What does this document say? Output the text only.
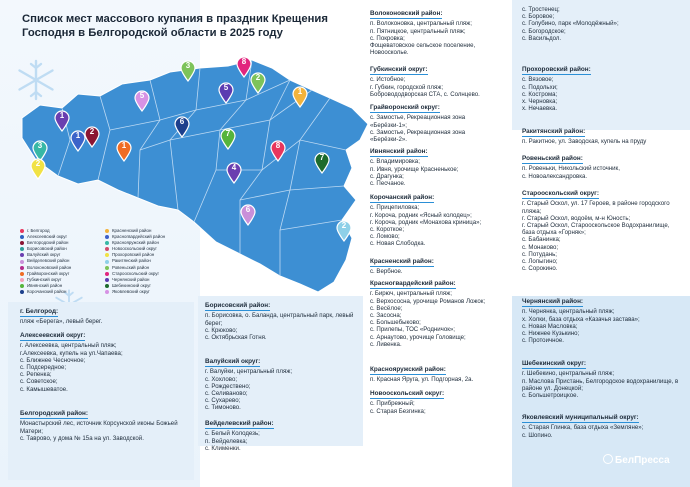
Список мест массового купания в праздник Крещения Господня в Белгородской области в 2025 году
2
1
3
2
1	2
1
5
3	8
5
6
1
7
8
4
7
6
2
г. Белгород	Красненский район
Алексеевский округ	Красногвардейский район
Белгородский район	Краснояружский район
Борисовский район	Новооскольский округ
Валуйский округ	Прохоровский район
Вейделевский район	Ракитянский район
Волоконовский район	Ровеньский район
Грайворонский округ	Старооскольский округ
Губкинский округ	Чернянский район
Ивнянский район	Шебекинский округ
Корочанский район	Яковлевский округ
г. Белгород:
пляж «Берега», левый берег.
Алексеевский округ:
г. Алексеевка, центральный пляж;
г.Алексеевка, купель на ул.Чапаева;
с. Ближнее Чесночное;
с. Подсередное;
с. Репенка;
с. Советское;
с. Камышеватое.
Белгородский район:
Монастырский лес, источник Корсунской иконы Божьей Матери;
с. Таврово, у дома № 15а на ул. Заводской.
Борисовский район:
п. Борисовка, о. Баланда, центральный парк, левый берег;
с. Крюково;
с. Октябрьская Готня.
Валуйский округ:
г. Валуйки, центральный пляж;
с. Хохлово;
с. Рождествено;
с. Селиваново;
с. Сухарево;
с. Тимоново.
Вейделевский район:
с. Белый Колодезь;
п. Вейделевка;
с. Клименки.
Волоконовский район:
п. Волоконовка, центральный пляж;
п. Пятницкое, центральный пляж;
с. Покровка;
Фощеватовское сельское поселение,
Новоосколье.
Губкинский округ:
с. Истобное;
г. Губкин, городской пляж;
Бобровододворская СТА, с. Солнцево.
Грайворонский округ:
с. Замостье, Рекреационная зона
«Берёзки-1»;
с. Замостье, Рекреационная зона
«Берёзки-2».
Ивнянский район:
с. Владимировка;
п. Ивня, урочище Красненькое;
с. Драгунка;
с. Песчаное.
Корочанский район:
с. Прицепиловка;
г. Короча, родник «Ясный колодец»;
г. Короча, родник «Монахова криница»;
с. Короткое;
с. Ломово;
с. Новая Слободка.
Красненский район:
с. Вербное.
Красногвардейский район:
г. Бирюч, центральный пляж;
с. Верхососна, урочище Романов Ложок;
с. Весёлое;
с. Засосна;
с. Большебыково;
с. Прилепы, ТОС «Родничок»;
с. Арнаутово, урочище Головище;
с. Ливенка.
Краснояружский район:
п. Красная Яруга, ул. Подгорная, 2а.
Новооскольский округ:
с. Прибрежный;
с. Старая Безгинка;
с. Тростенец;
с. Боровое;
с. Голубино, парк «Молодёжный»;
с. Богородское;
с. Васильдол.
Прохоровский район:
с. Вязовое;
с. Подольхи;
с. Кострома;
х. Черновка;
х. Нечаевка.
Ракитянский район:
п. Ракитное, ул. Заводская, купель на пруду
Ровеньский район:
п. Ровеньки, Никольский источник,
с. Новоалександровка.
Старооскольский округ:
г. Старый Оскол, ул. 17 Героев, в районе городского пляжа;
г. Старый Оскол, водоём, м-н Юность;
г. Старый Оскол, Старооскольское Водохранилище, база отдыха «Горняк»;
с. Бабанинка;
с. Монаково;
с. Потудань;
с. Лопыгино;
с. Сорокино.
Чернянский район:
п. Чернянка, центральный пляж;
х. Холки, база отдыха «Казачья застава»;
с. Новая Масловка;
с. Нижнее Кузькино;
с. Протоичное.
Шебекинский округ:
г. Шебекино, центральный пляж;
п. Маслова Пристань, Белгородское водохранилище, в районе ул. Донецкой;
с. Большетроицкое.
Яковлевский муниципальный округ:
с. Старая Глинка, база отдыха «Земляне»;
с. Шопино.
БелПресса
